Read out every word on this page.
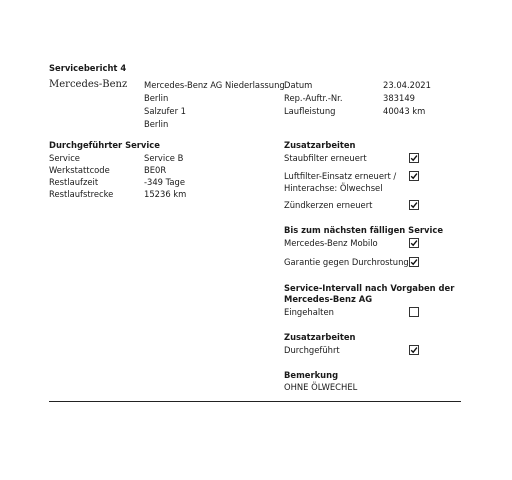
Servicebericht 4
Mercedes-Benz Mercedes-Benz AG Niederlassung
Berlin
Salzufer 1
Berlin
Datum	23.04.2021
Rep.-Auftr.-Nr.	383149
Laufleistung	40043 km
Durchgeführter Service
Service	Service B
Werkstattcode	BE0R
Restlaufzeit	-349 Tage
Restlaufstrecke	15236 km
Zusatzarbeiten
Staubfilter erneuert
Luftfilter-Einsatz erneuert /
Hinterachse: Ölwechsel
Zündkerzen erneuert
Bis zum nächsten fälligen Service
Mercedes-Benz Mobilo
Garantie gegen Durchrostung
Service-Intervall nach Vorgaben der
Mercedes-Benz AG
Eingehalten
Zusatzarbeiten
Durchgeführt
Bemerkung
OHNE ÖLWECHEL
